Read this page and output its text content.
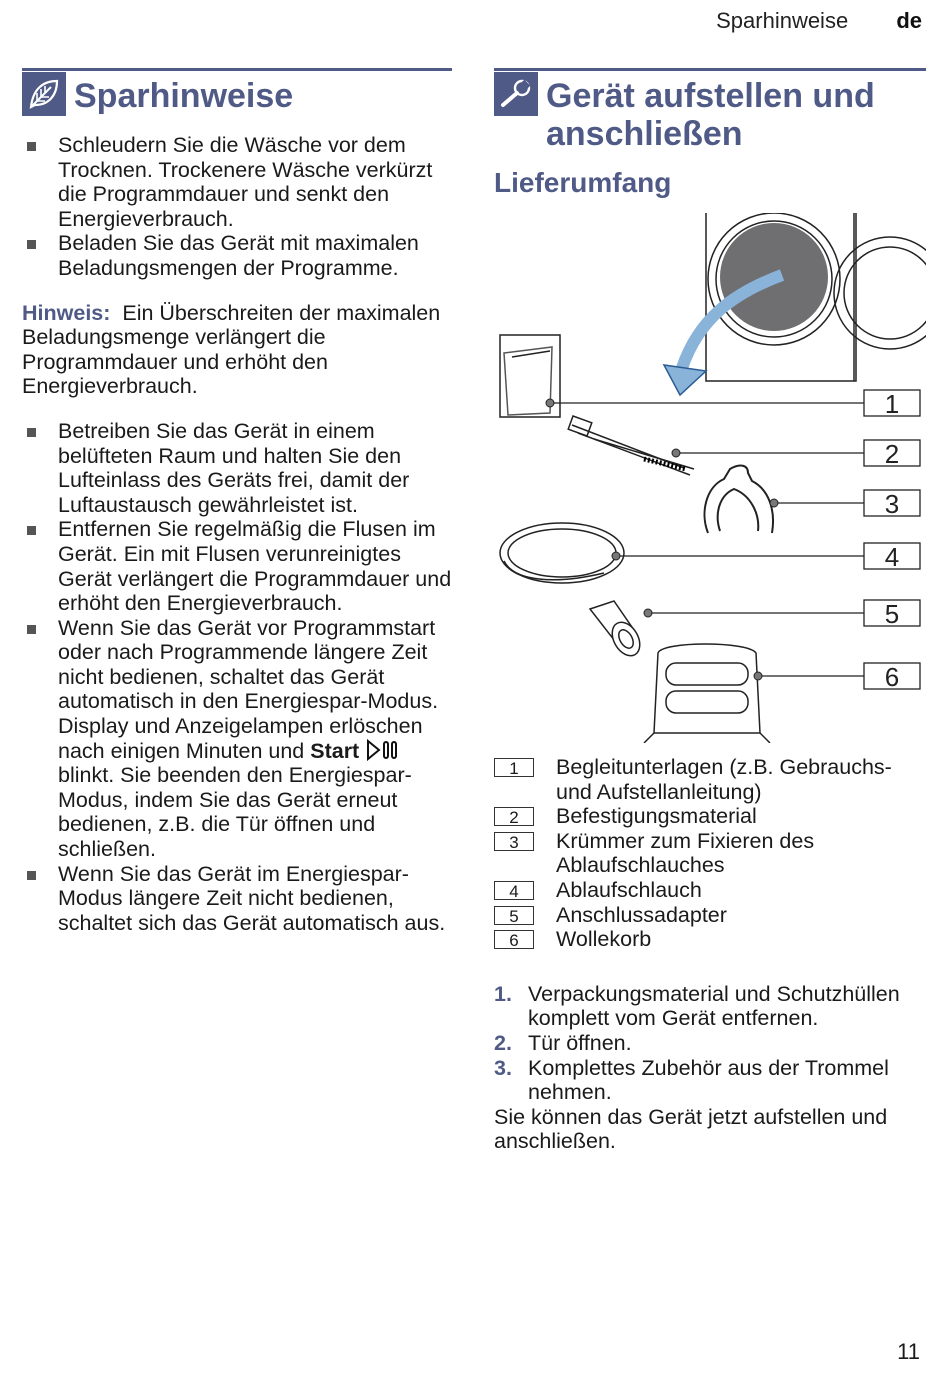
Sparhinweise de
Sparhinweise
Schleudern Sie die Wäsche vor dem Trocknen. Trockenere Wäsche verkürzt die Programmdauer und senkt den Energieverbrauch.
Beladen Sie das Gerät mit maximalen Beladungsmengen der Programme.
Hinweis: Ein Überschreiten der maximalen Beladungsmenge verlängert die Programmdauer und erhöht den Energieverbrauch.
Betreiben Sie das Gerät in einem belüfteten Raum und halten Sie den Lufteinlass des Geräts frei, damit der Luftaustausch gewährleistet ist.
Entfernen Sie regelmäßig die Flusen im Gerät. Ein mit Flusen verunreinigtes Gerät verlängert die Programmdauer und erhöht den Energieverbrauch.
Wenn Sie das Gerät vor Programmstart oder nach Programmende längere Zeit nicht bedienen, schaltet das Gerät automatisch in den Energiespar-Modus. Display und Anzeigelampen erlöschen nach einigen Minuten und Start  blinkt. Sie beenden den Energiespar-Modus, indem Sie das Gerät erneut bedienen, z.B. die Tür öffnen und schließen.
Wenn Sie das Gerät im Energiespar-Modus längere Zeit nicht bedienen, schaltet sich das Gerät automatisch aus.
Gerät aufstellen und
anschließen
Lieferumfang
1
2
3
4
5
6
1	Begleitunterlagen (z.B. Gebrauchs- und Aufstellanleitung)
2	Befestigungsmaterial
3	Krümmer zum Fixieren des Ablaufschlauches
4	Ablaufschlauch
5	Anschlussadapter
6	Wollekorb
1. Verpackungsmaterial und Schutzhüllen komplett vom Gerät entfernen.
2. Tür öffnen.
3. Komplettes Zubehör aus der Trommel nehmen.
Sie können das Gerät jetzt aufstellen und anschließen.
11
